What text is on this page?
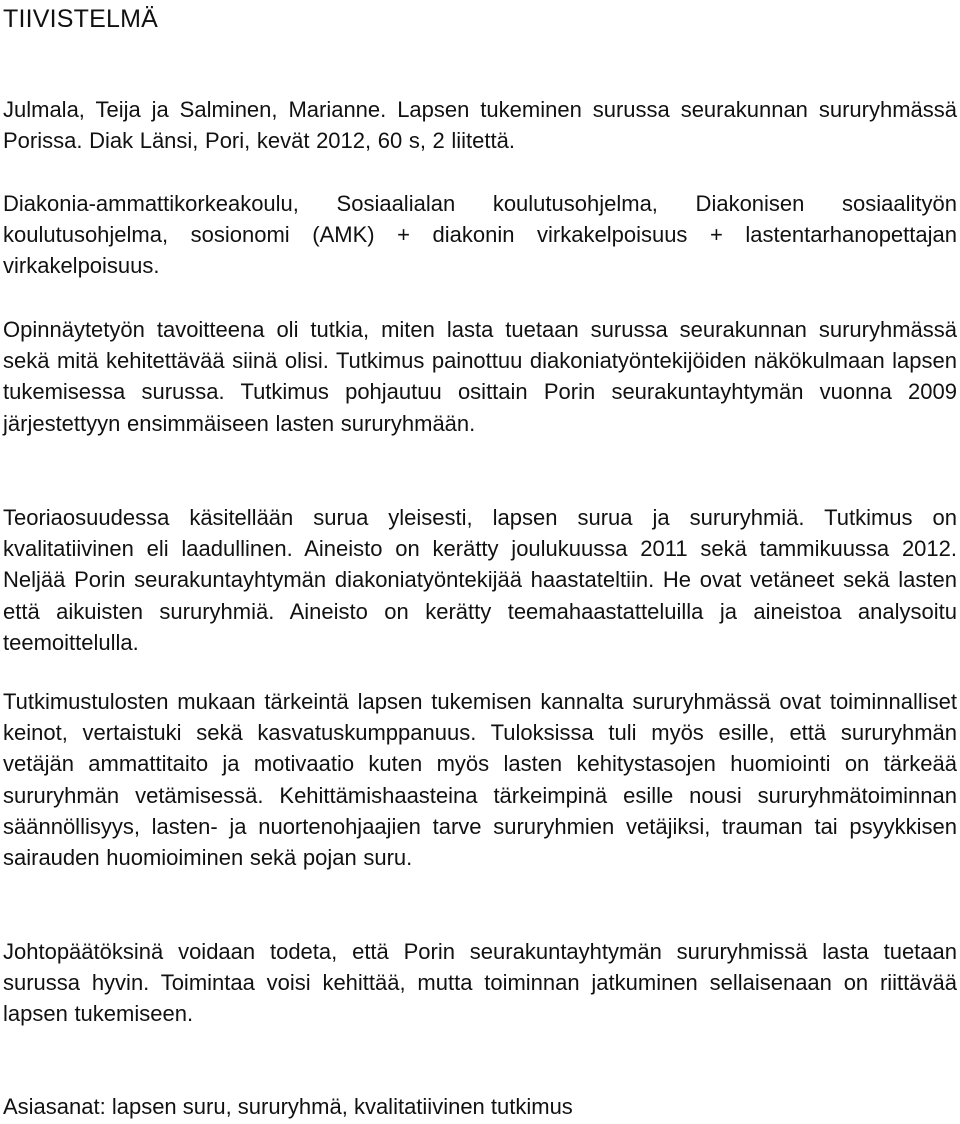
TIIVISTELMÄ

Julmala, Teija ja Salminen, Marianne. Lapsen tukeminen surussa seurakunnan sururyhmässä Porissa. Diak Länsi, Pori, kevät 2012, 60 s, 2 liitettä.

Diakonia-ammattikorkeakoulu, Sosiaalialan koulutusohjelma, Diakonisen sosiaalityön koulutusohjelma, sosionomi (AMK) + diakonin virkakelpoisuus + lastentarhanopettajan virkakelpoisuus.

Opinnäytetyön tavoitteena oli tutkia, miten lasta tuetaan surussa seurakunnan sururyhmässä sekä mitä kehitettävää siinä olisi. Tutkimus painottuu diakoniatyöntekijöiden näkökulmaan lapsen tukemisessa surussa. Tutkimus pohjautuu osittain Porin seurakuntayhtymän vuonna 2009 järjestettyyn ensimmäiseen lasten sururyhmään.

Teoriaosuudessa käsitellään surua yleisesti, lapsen surua ja sururyhmiä. Tutkimus on kvalitatiivinen eli laadullinen. Aineisto on kerätty joulukuussa 2011 sekä tammikuussa 2012. Neljää Porin seurakuntayhtymän diakoniatyöntekijää haastateltiin. He ovat vetäneet sekä lasten että aikuisten sururyhmiä. Aineisto on kerätty teemahaastatteluilla ja aineistoa analysoitu teemoittelulla.

Tutkimustulosten mukaan tärkeintä lapsen tukemisen kannalta sururyhmässä ovat toiminnalliset keinot, vertaistuki sekä kasvatuskumppanuus. Tuloksissa tuli myös esille, että sururyhmän vetäjän ammattitaito ja motivaatio kuten myös lasten kehitystasojen huomiointi on tärkeää sururyhmän vetämisessä. Kehittämishaasteina tärkeimpinä esille nousi sururyhmätoiminnan säännöllisyys, lasten- ja nuortenohjaajien tarve sururyhmien vetäjiksi, trauman tai psyykkisen sairauden huomioiminen sekä pojan suru.

Johtopäätöksinä voidaan todeta, että Porin seurakuntayhtymän sururyhmissä lasta tuetaan surussa hyvin. Toimintaa voisi kehittää, mutta toiminnan jatkuminen sellaisenaan on riittävää lapsen tukemiseen.

Asiasanat: lapsen suru, sururyhmä, kvalitatiivinen tutkimus
